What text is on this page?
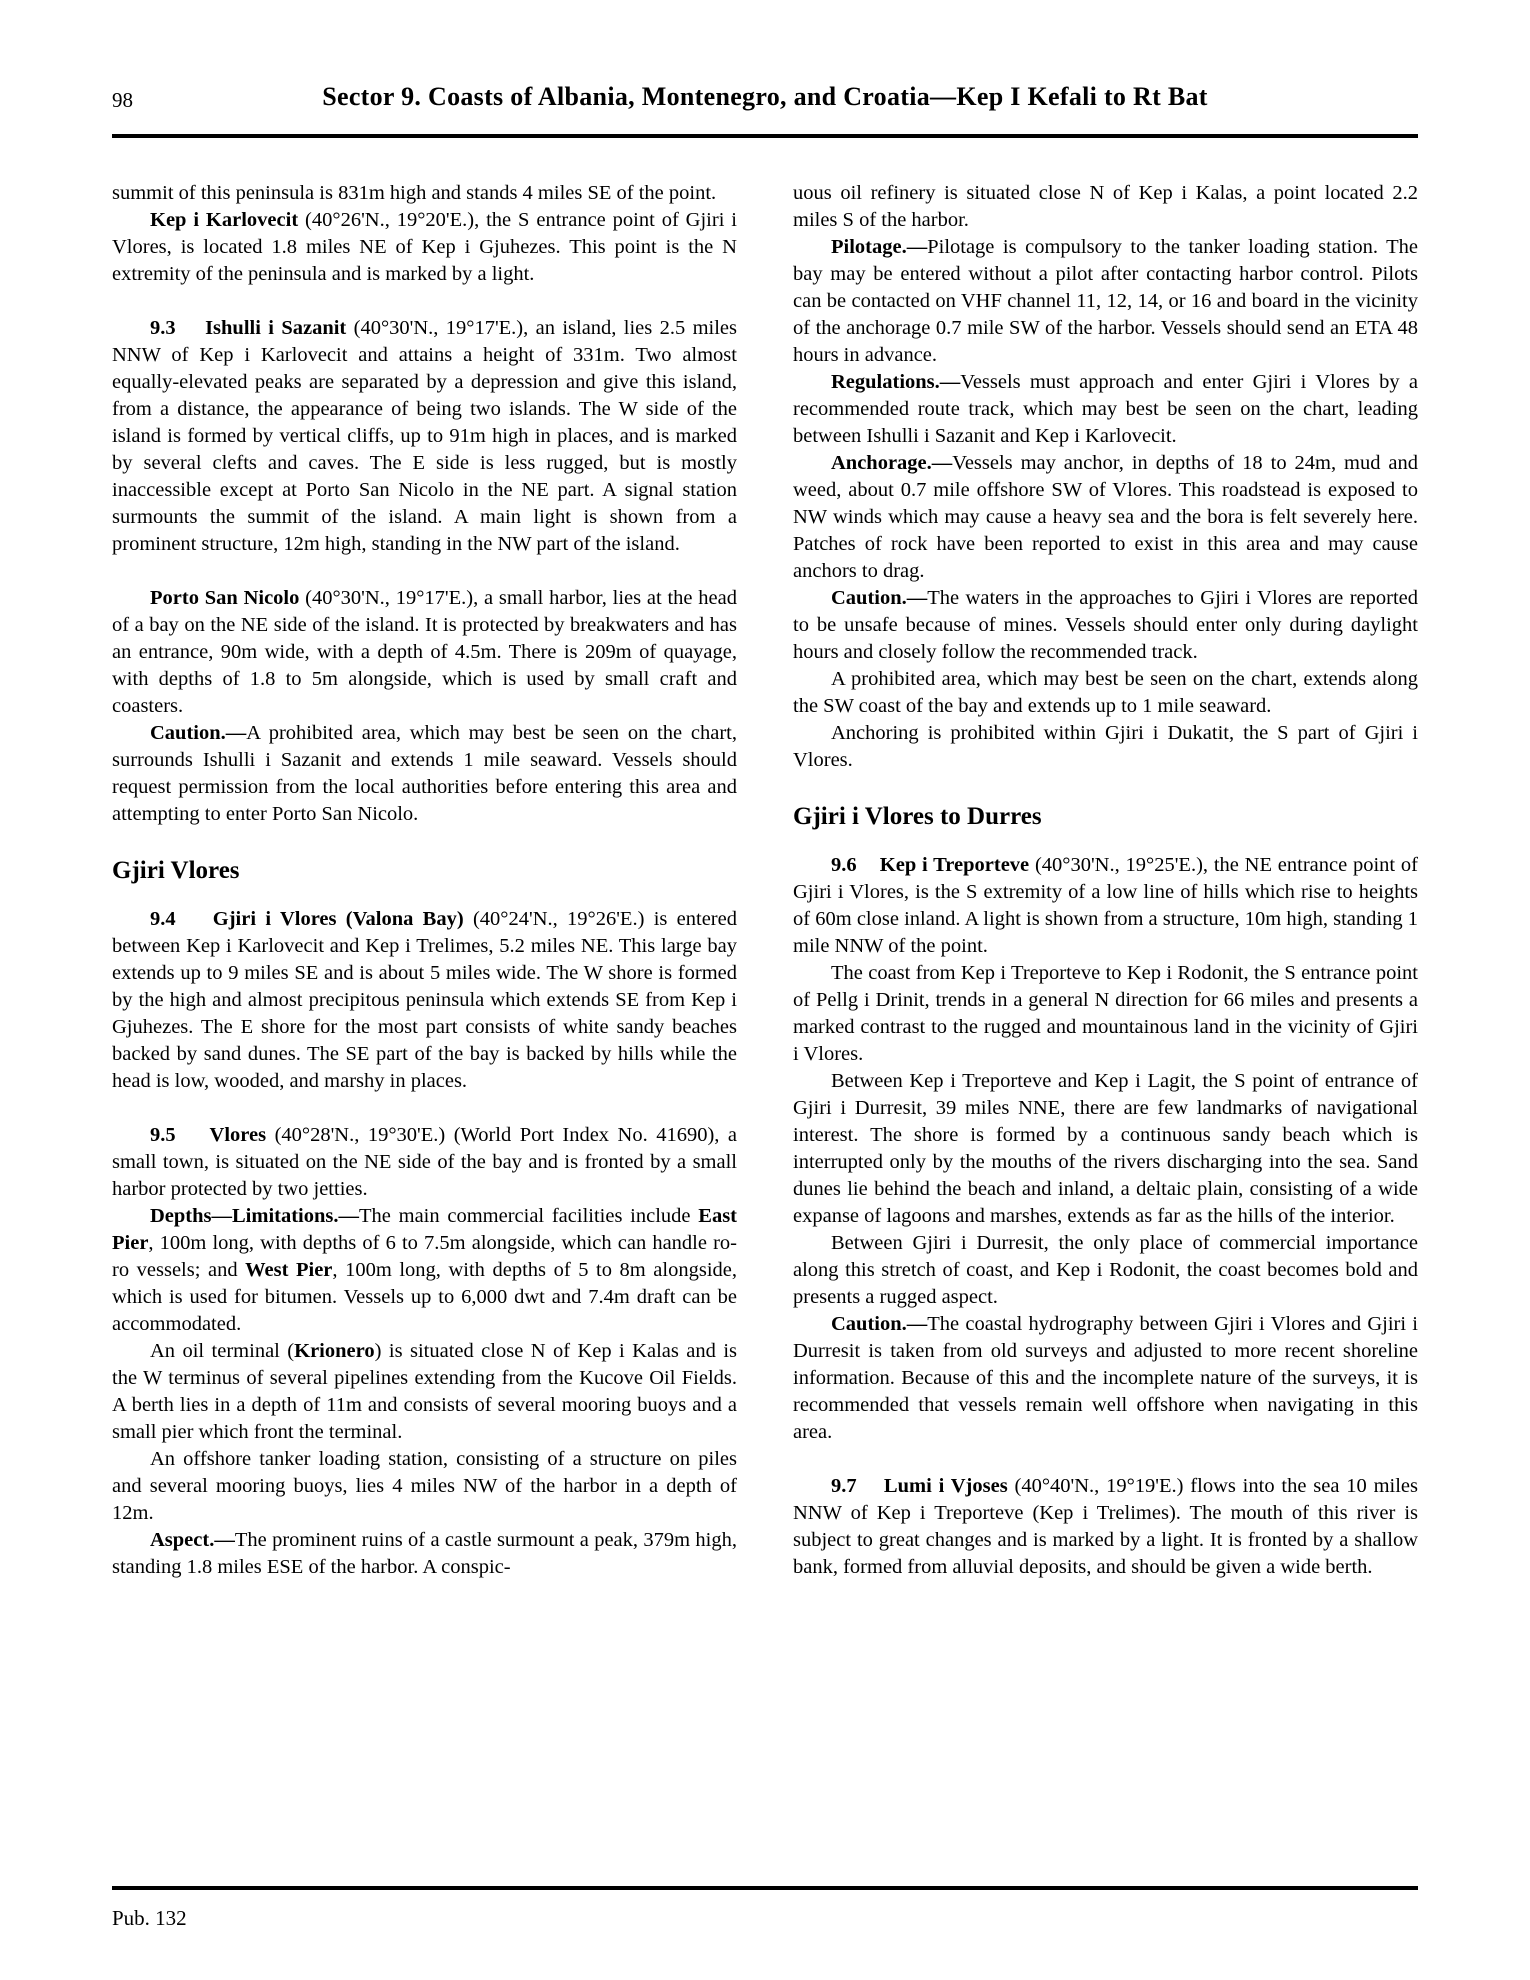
98	Sector 9. Coasts of Albania, Montenegro, and Croatia—Kep I Kefali to Rt Bat

summit of this peninsula is 831m high and stands 4 miles SE of the point.

Kep i Karlovecit (40°26'N., 19°20'E.), the S entrance point of Gjiri i Vlores, is located 1.8 miles NE of Kep i Gjuhezes. This point is the N extremity of the peninsula and is marked by a light.

9.3    Ishulli i Sazanit (40°30'N., 19°17'E.), an island, lies 2.5 miles NNW of Kep i Karlovecit and attains a height of 331m. Two almost equally-elevated peaks are separated by a depression and give this island, from a distance, the appearance of being two islands. The W side of the island is formed by vertical cliffs, up to 91m high in places, and is marked by several clefts and caves. The E side is less rugged, but is mostly inaccessible except at Porto San Nicolo in the NE part. A signal station surmounts the summit of the island. A main light is shown from a prominent structure, 12m high, standing in the NW part of the island.

Porto San Nicolo (40°30'N., 19°17'E.), a small harbor, lies at the head of a bay on the NE side of the island. It is protected by breakwaters and has an entrance, 90m wide, with a depth of 4.5m. There is 209m of quayage, with depths of 1.8 to 5m alongside, which is used by small craft and coasters.

Caution.—A prohibited area, which may best be seen on the chart, surrounds Ishulli i Sazanit and extends 1 mile seaward. Vessels should request permission from the local authorities before entering this area and attempting to enter Porto San Nicolo.

Gjiri Vlores

9.4    Gjiri i Vlores (Valona Bay) (40°24'N., 19°26'E.) is entered between Kep i Karlovecit and Kep i Trelimes, 5.2 miles NE. This large bay extends up to 9 miles SE and is about 5 miles wide. The W shore is formed by the high and almost precipitous peninsula which extends SE from Kep i Gjuhezes. The E shore for the most part consists of white sandy beaches backed by sand dunes. The SE part of the bay is backed by hills while the head is low, wooded, and marshy in places.

9.5    Vlores (40°28'N., 19°30'E.) (World Port Index No. 41690), a small town, is situated on the NE side of the bay and is fronted by a small harbor protected by two jetties.

Depths—Limitations.—The main commercial facilities include East Pier, 100m long, with depths of 6 to 7.5m alongside, which can handle ro-ro vessels; and West Pier, 100m long, with depths of 5 to 8m alongside, which is used for bitumen. Vessels up to 6,000 dwt and 7.4m draft can be accommodated.

An oil terminal (Krionero) is situated close N of Kep i Kalas and is the W terminus of several pipelines extending from the Kucove Oil Fields. A berth lies in a depth of 11m and consists of several mooring buoys and a small pier which front the terminal.

An offshore tanker loading station, consisting of a structure on piles and several mooring buoys, lies 4 miles NW of the harbor in a depth of 12m.

Aspect.—The prominent ruins of a castle surmount a peak, 379m high, standing 1.8 miles ESE of the harbor. A conspic-

uous oil refinery is situated close N of Kep i Kalas, a point located 2.2 miles S of the harbor.

Pilotage.—Pilotage is compulsory to the tanker loading station. The bay may be entered without a pilot after contacting harbor control. Pilots can be contacted on VHF channel 11, 12, 14, or 16 and board in the vicinity of the anchorage 0.7 mile SW of the harbor. Vessels should send an ETA 48 hours in advance.

Regulations.—Vessels must approach and enter Gjiri i Vlores by a recommended route track, which may best be seen on the chart, leading between Ishulli i Sazanit and Kep i Karlovecit.

Anchorage.—Vessels may anchor, in depths of 18 to 24m, mud and weed, about 0.7 mile offshore SW of Vlores. This roadstead is exposed to NW winds which may cause a heavy sea and the bora is felt severely here. Patches of rock have been reported to exist in this area and may cause anchors to drag.

Caution.—The waters in the approaches to Gjiri i Vlores are reported to be unsafe because of mines. Vessels should enter only during daylight hours and closely follow the recommended track.

A prohibited area, which may best be seen on the chart, extends along the SW coast of the bay and extends up to 1 mile seaward.

Anchoring is prohibited within Gjiri i Dukatit, the S part of Gjiri i Vlores.

Gjiri i Vlores to Durres

9.6    Kep i Treporteve (40°30'N., 19°25'E.), the NE entrance point of Gjiri i Vlores, is the S extremity of a low line of hills which rise to heights of 60m close inland. A light is shown from a structure, 10m high, standing 1 mile NNW of the point.

The coast from Kep i Treporteve to Kep i Rodonit, the S entrance point of Pellg i Drinit, trends in a general N direction for 66 miles and presents a marked contrast to the rugged and mountainous land in the vicinity of Gjiri i Vlores.

Between Kep i Treporteve and Kep i Lagit, the S point of entrance of Gjiri i Durresit, 39 miles NNE, there are few landmarks of navigational interest. The shore is formed by a continuous sandy beach which is interrupted only by the mouths of the rivers discharging into the sea. Sand dunes lie behind the beach and inland, a deltaic plain, consisting of a wide expanse of lagoons and marshes, extends as far as the hills of the interior.

Between Gjiri i Durresit, the only place of commercial importance along this stretch of coast, and Kep i Rodonit, the coast becomes bold and presents a rugged aspect.

Caution.—The coastal hydrography between Gjiri i Vlores and Gjiri i Durresit is taken from old surveys and adjusted to more recent shoreline information. Because of this and the incomplete nature of the surveys, it is recommended that vessels remain well offshore when navigating in this area.

9.7    Lumi i Vjoses (40°40'N., 19°19'E.) flows into the sea 10 miles NNW of Kep i Treporteve (Kep i Trelimes). The mouth of this river is subject to great changes and is marked by a light. It is fronted by a shallow bank, formed from alluvial deposits, and should be given a wide berth.

Pub. 132
